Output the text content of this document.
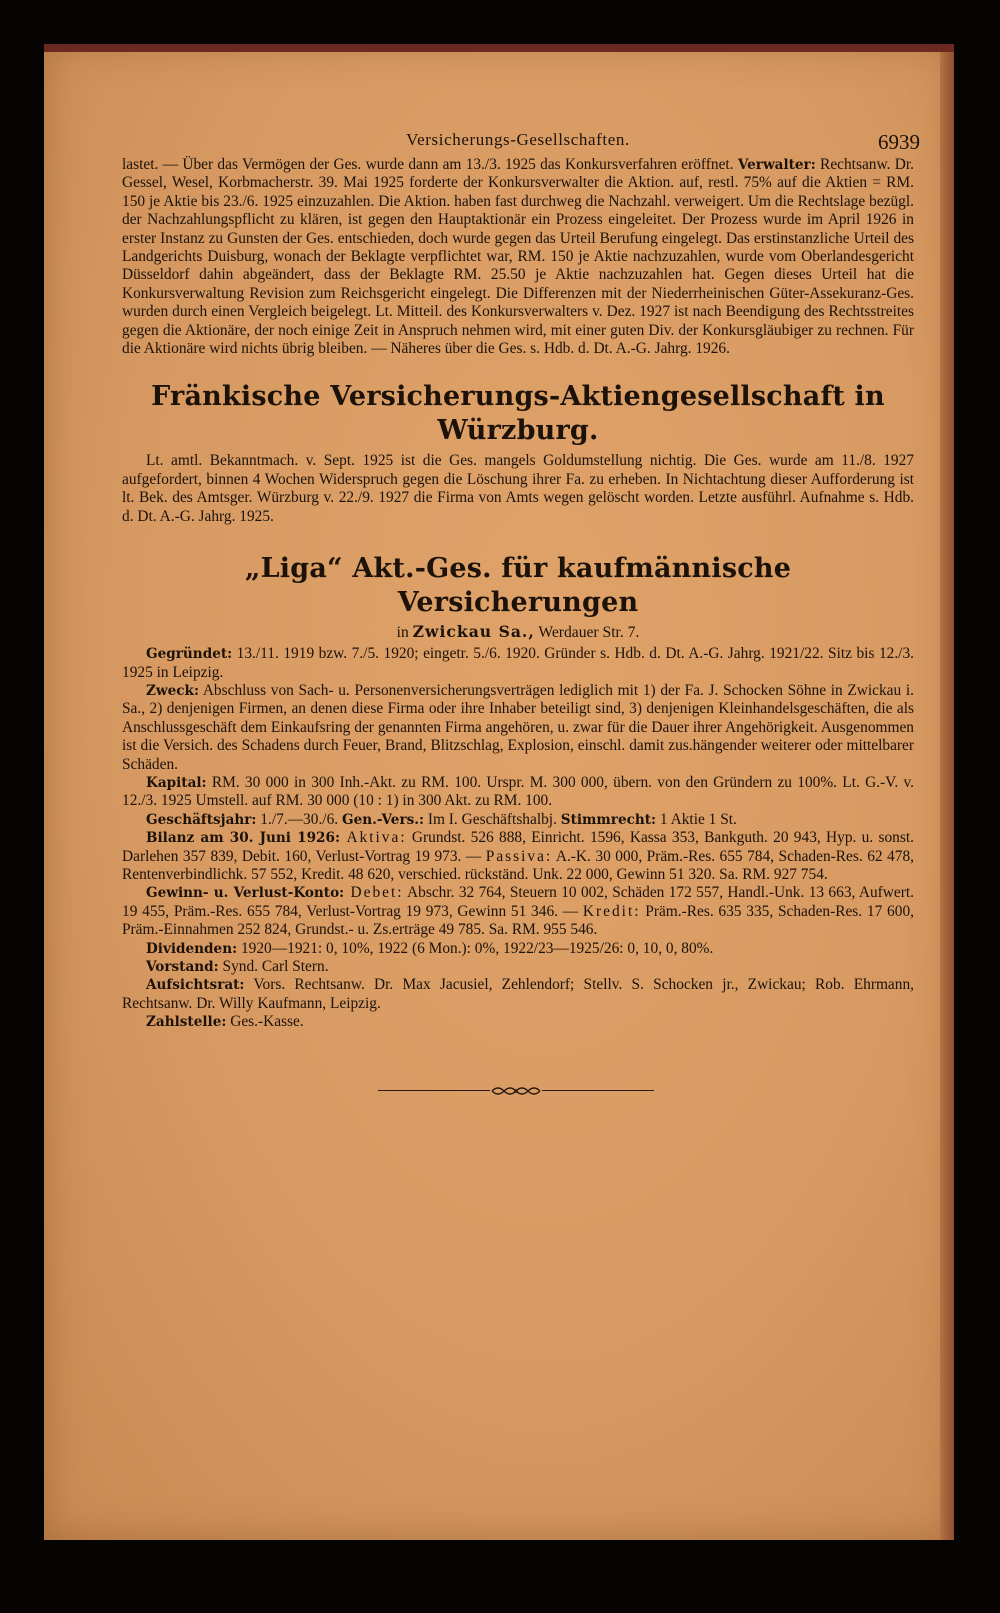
Versicherungs-Gesellschaften.	6939

lastet. — Über das Vermögen der Ges. wurde dann am 13./3. 1925 das Konkursverfahren eröffnet. Verwalter: Rechtsanw. Dr. Gessel, Wesel, Korbmacherstr. 39. Mai 1925 forderte der Konkursverwalter die Aktion. auf, restl. 75% auf die Aktien = RM. 150 je Aktie bis 23./6. 1925 einzuzahlen. Die Aktion. haben fast durchweg die Nachzahl. verweigert. Um die Rechtslage bezügl. der Nachzahlungspflicht zu klären, ist gegen den Hauptaktionär ein Prozess eingeleitet. Der Prozess wurde im April 1926 in erster Instanz zu Gunsten der Ges. entschieden, doch wurde gegen das Urteil Berufung eingelegt. Das erstinstanzliche Urteil des Landgerichts Duisburg, wonach der Beklagte verpflichtet war, RM. 150 je Aktie nachzuzahlen, wurde vom Oberlandesgericht Düsseldorf dahin abgeändert, dass der Beklagte RM. 25.50 je Aktie nachzuzahlen hat. Gegen dieses Urteil hat die Konkursverwaltung Revision zum Reichsgericht eingelegt. Die Differenzen mit der Niederrheinischen Güter-Assekuranz-Ges. wurden durch einen Vergleich beigelegt. Lt. Mitteil. des Konkursverwalters v. Dez. 1927 ist nach Beendigung des Rechtsstreites gegen die Aktionäre, der noch einige Zeit in Anspruch nehmen wird, mit einer guten Div. der Konkursgläubiger zu rechnen. Für die Aktionäre wird nichts übrig bleiben. — Näheres über die Ges. s. Hdb. d. Dt. A.-G. Jahrg. 1926.

Fränkische Versicherungs-Aktiengesellschaft in Würzburg.

Lt. amtl. Bekanntmach. v. Sept. 1925 ist die Ges. mangels Goldumstellung nichtig. Die Ges. wurde am 11./8. 1927 aufgefordert, binnen 4 Wochen Widerspruch gegen die Löschung ihrer Fa. zu erheben. In Nichtachtung dieser Aufforderung ist lt. Bek. des Amtsger. Würzburg v. 22./9. 1927 die Firma von Amts wegen gelöscht worden. Letzte ausführl. Aufnahme s. Hdb. d. Dt. A.-G. Jahrg. 1925.

„Liga“ Akt.-Ges. für kaufmännische Versicherungen
in Zwickau Sa., Werdauer Str. 7.

Gegründet: 13./11. 1919 bzw. 7./5. 1920; eingetr. 5./6. 1920. Gründer s. Hdb. d. Dt. A.-G. Jahrg. 1921/22. Sitz bis 12./3. 1925 in Leipzig.

Zweck: Abschluss von Sach- u. Personenversicherungsverträgen lediglich mit 1) der Fa. J. Schocken Söhne in Zwickau i. Sa., 2) denjenigen Firmen, an denen diese Firma oder ihre Inhaber beteiligt sind, 3) denjenigen Kleinhandelsgeschäften, die als Anschlussgeschäft dem Einkaufsring der genannten Firma angehören, u. zwar für die Dauer ihrer Angehörigkeit. Ausgenommen ist die Versich. des Schadens durch Feuer, Brand, Blitzschlag, Explosion, einschl. damit zus.hängender weiterer oder mittelbarer Schäden.

Kapital: RM. 30 000 in 300 Inh.-Akt. zu RM. 100. Urspr. M. 300 000, übern. von den Gründern zu 100%. Lt. G.-V. v. 12./3. 1925 Umstell. auf RM. 30 000 (10 : 1) in 300 Akt. zu RM. 100.

Geschäftsjahr: 1./7.—30./6. Gen.-Vers.: Im I. Geschäftshalbj. Stimmrecht: 1 Aktie 1 St.

Bilanz am 30. Juni 1926: Aktiva: Grundst. 526 888, Einricht. 1596, Kassa 353, Bankguth. 20 943, Hyp. u. sonst. Darlehen 357 839, Debit. 160, Verlust-Vortrag 19 973. — Passiva: A.-K. 30 000, Präm.-Res. 655 784, Schaden-Res. 62 478, Rentenverbindlichk. 57 552, Kredit. 48 620, verschied. rückständ. Unk. 22 000, Gewinn 51 320. Sa. RM. 927 754.

Gewinn- u. Verlust-Konto: Debet: Abschr. 32 764, Steuern 10 002, Schäden 172 557, Handl.-Unk. 13 663, Aufwert. 19 455, Präm.-Res. 655 784, Verlust-Vortrag 19 973, Gewinn 51 346. — Kredit: Präm.-Res. 635 335, Schaden-Res. 17 600, Präm.-Einnahmen 252 824, Grundst.- u. Zs.erträge 49 785. Sa. RM. 955 546.

Dividenden: 1920—1921: 0, 10%, 1922 (6 Mon.): 0%, 1922/23—1925/26: 0, 10, 0, 80%.

Vorstand: Synd. Carl Stern.

Aufsichtsrat: Vors. Rechtsanw. Dr. Max Jacusiel, Zehlendorf; Stellv. S. Schocken jr., Zwickau; Rob. Ehrmann, Rechtsanw. Dr. Willy Kaufmann, Leipzig.

Zahlstelle: Ges.-Kasse.
